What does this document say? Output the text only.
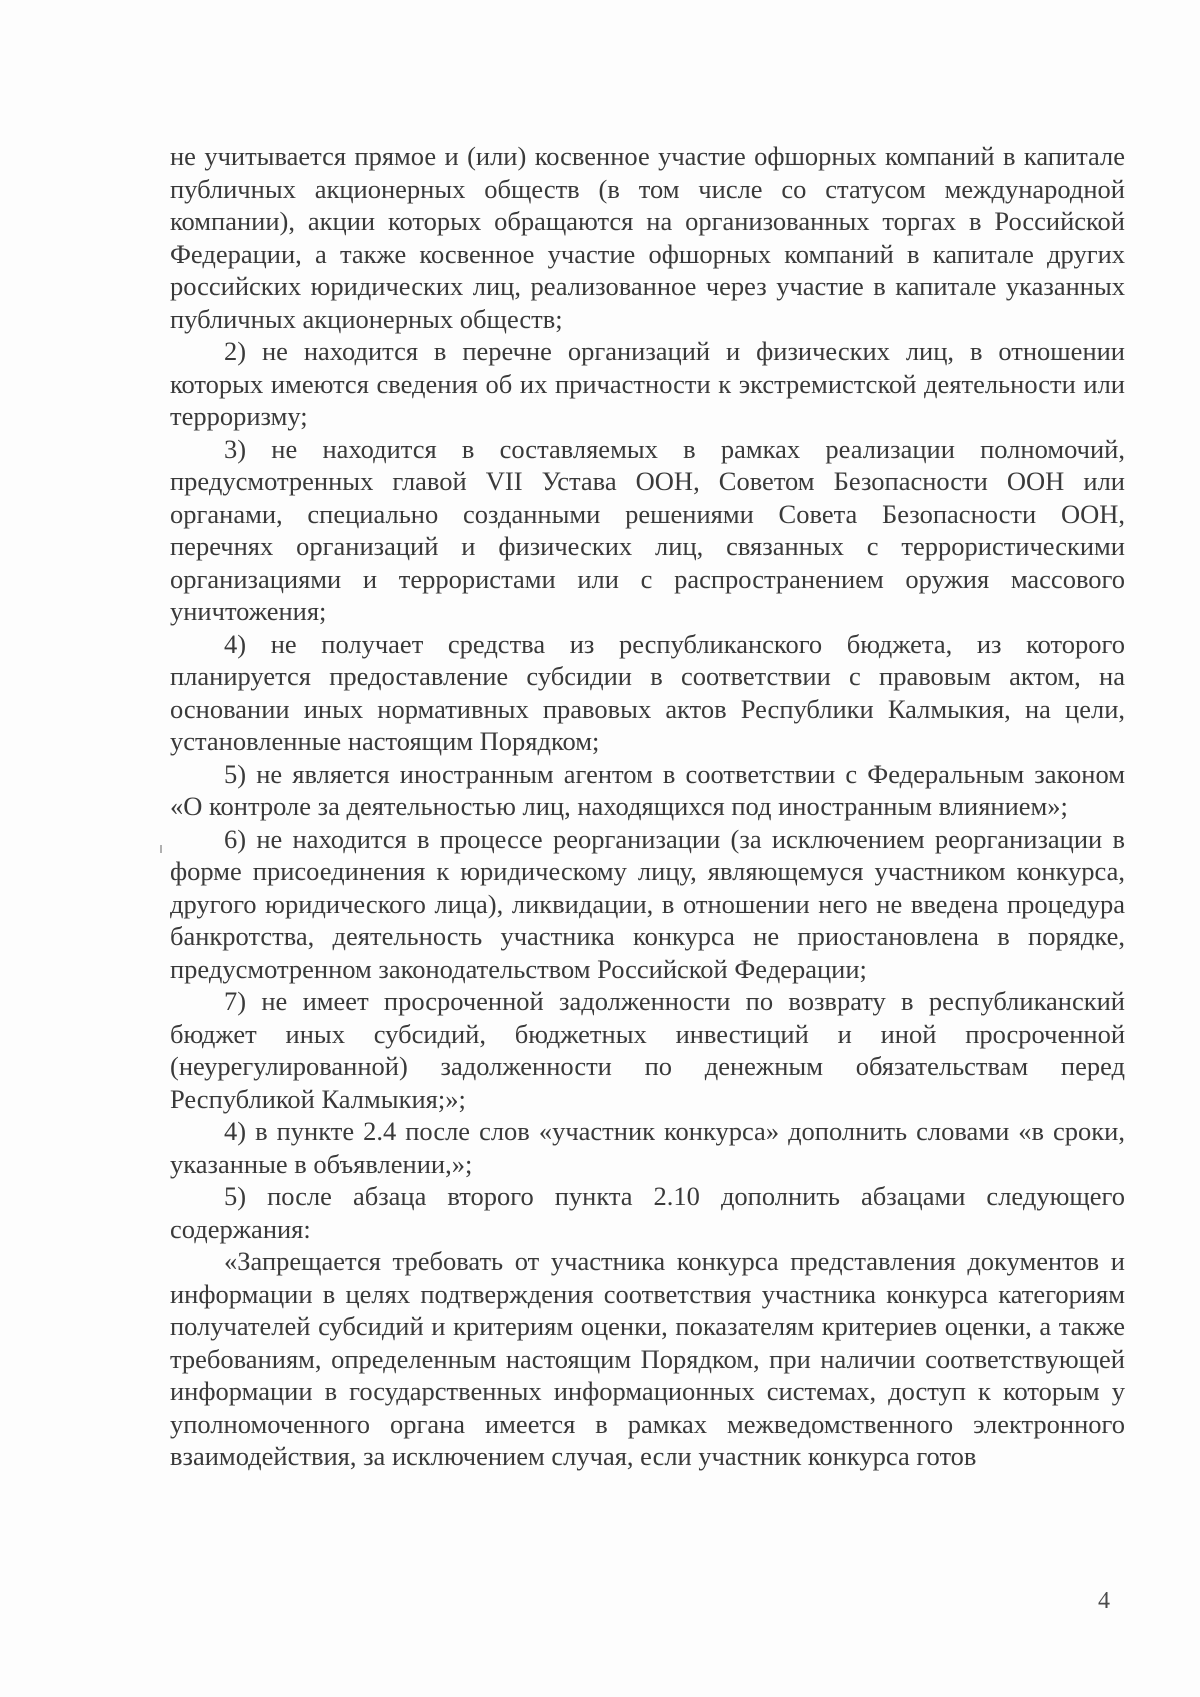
не учитывается прямое и (или) косвенное участие офшорных компаний в капитале публичных акционерных обществ (в том числе со статусом международной компании), акции которых обращаются на организованных торгах в Российской Федерации, а также косвенное участие офшорных компаний в капитале других российских юридических лиц, реализованное через участие в капитале указанных публичных акционерных обществ;

2) не находится в перечне организаций и физических лиц, в отношении которых имеются сведения об их причастности к экстремистской деятельности или терроризму;

3) не находится в составляемых в рамках реализации полномочий, предусмотренных главой VII Устава ООН, Советом Безопасности ООН или органами, специально созданными решениями Совета Безопасности ООН, перечнях организаций и физических лиц, связанных с террористическими организациями и террористами или с распространением оружия массового уничтожения;

4) не получает средства из республиканского бюджета, из которого планируется предоставление субсидии в соответствии с правовым актом, на основании иных нормативных правовых актов Республики Калмыкия, на цели, установленные настоящим Порядком;

5) не является иностранным агентом в соответствии с Федеральным законом «О контроле за деятельностью лиц, находящихся под иностранным влиянием»;

6) не находится в процессе реорганизации (за исключением реорганизации в форме присоединения к юридическому лицу, являющемуся участником конкурса, другого юридического лица), ликвидации, в отношении него не введена процедура банкротства, деятельность участника конкурса не приостановлена в порядке, предусмотренном законодательством Российской Федерации;

7) не имеет просроченной задолженности по возврату в республиканский бюджет иных субсидий, бюджетных инвестиций и иной просроченной (неурегулированной) задолженности по денежным обязательствам перед Республикой Калмыкия;»;

4) в пункте 2.4 после слов «участник конкурса» дополнить словами «в сроки, указанные в объявлении,»;

5) после абзаца второго пункта 2.10 дополнить абзацами следующего содержания:

«Запрещается требовать от участника конкурса представления документов и информации в целях подтверждения соответствия участника конкурса категориям получателей субсидий и критериям оценки, показателям критериев оценки, а также требованиям, определенным настоящим Порядком, при наличии соответствующей информации в государственных информационных системах, доступ к которым у уполномоченного органа имеется в рамках межведомственного электронного взаимодействия, за исключением случая, если участник конкурса готов

4
